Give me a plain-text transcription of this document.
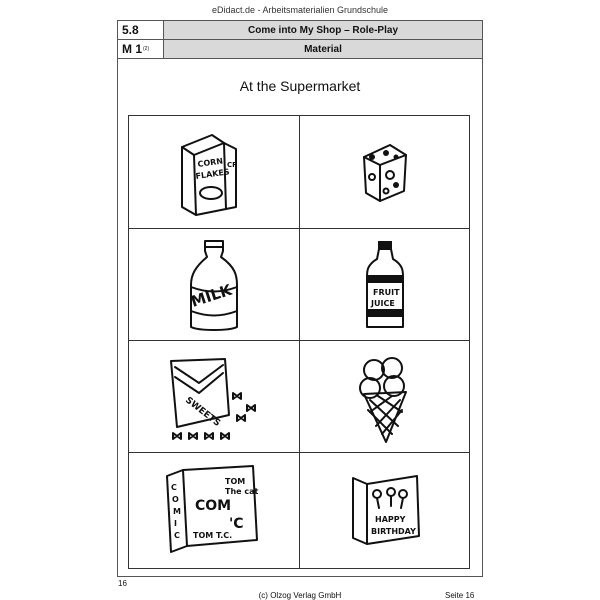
eDidact.de - Arbeitsmaterialien Grundschule
5.8	Come into My Shop – Role-Play
M 1 (2)	Material
At the Supermarket
CORN
FLAKES
CF
MILK	FRUIT
JUICE
SWEETS
C O M I C
TOM
The cat
COM
'C
TOM T.C.
HAPPY
BIRTHDAY
16
(c) Olzog Verlag GmbH	Seite 16
